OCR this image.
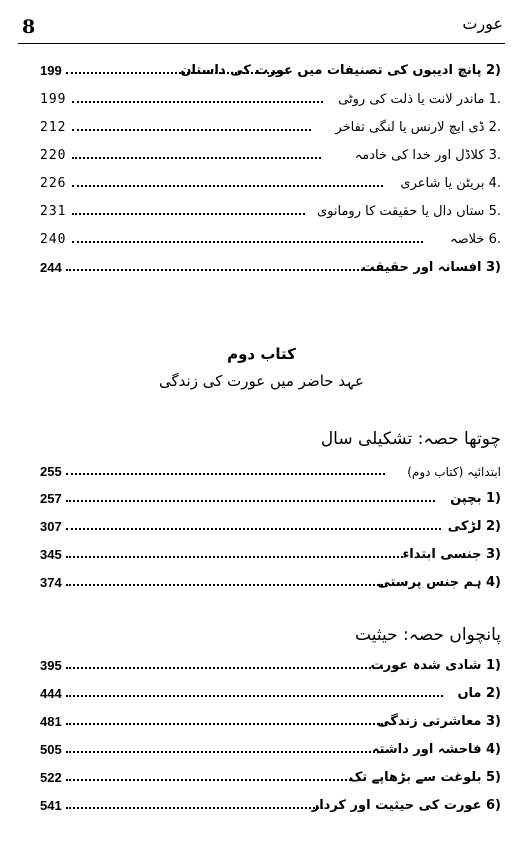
8	عورت
199	(2 پانچ ادیبوں کی تصنیفات میں عورت کی داستان
199	.1 ماندر لانت یا ذلت کی روٹی
212	.2 ڈی ایچ لارنس یا لنگی تفاخر
220	.3 کلاڈل اور خدا کی خادمہ
226	.4 بریٹن یا شاعری
231	.5 ستاں دال یا حقیقت کا رومانوی
240	.6 خلاصہ
244	(3 افسانہ اور حقیقت
کتاب دوم
عہد حاضر میں عورت کی زندگی
چوتھا حصہ: تشکیلی سال
255	ابتدائیہ (کتاب دوم)
257	(1 بچپن
307	(2 لڑکی
345	(3 جنسی ابتداء
374	(4 ہم جنس پرستی
پانچواں حصہ: حیثیت
395	(1 شادی شدہ عورت
444	(2 ماں
481	(3 معاشرتی زندگی
505	(4 فاحشہ اور داشتہ
522	(5 بلوغت سے بڑھاپے تک
541	(6 عورت کی حیثیت اور کردار
